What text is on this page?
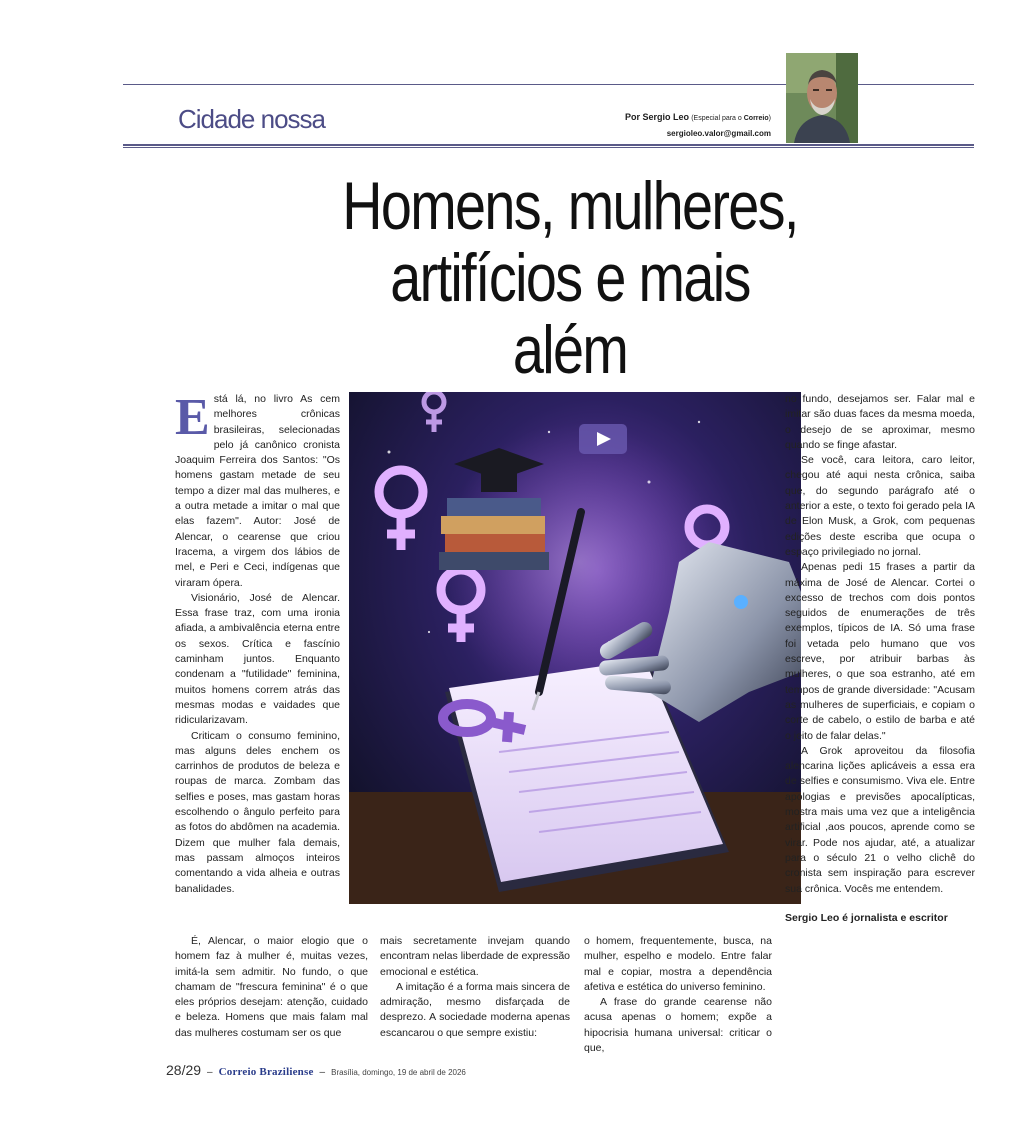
Cidade nossa	Por Sergio Leo (Especial para o Correio)
sergioleo.valor@gmail.com
Homens, mulheres,
artifícios e mais além

Está lá, no livro As cem melhores crônicas brasileiras, selecionadas pelo já canônico cronista Joaquim Ferreira dos Santos: "Os homens gastam metade de seu tempo a dizer mal das mulheres, e a outra metade a imitar o mal que elas fazem". Autor: José de Alencar, o cearense que criou Iracema, a virgem dos lábios de mel, e Peri e Ceci, indígenas que viraram ópera.

Visionário, José de Alencar. Essa frase traz, com uma ironia afiada, a ambivalência eterna entre os sexos. Crítica e fascínio caminham juntos. Enquanto condenam a "futilidade" feminina, muitos homens correm atrás das mesmas modas e vaidades que ridicularizavam.

Criticam o consumo feminino, mas alguns deles enchem os carrinhos de produtos de beleza e roupas de marca. Zombam das selfies e poses, mas gastam horas escolhendo o ângulo perfeito para as fotos do abdômen na academia. Dizem que mulher fala demais, mas passam almoços inteiros comentando a vida alheia e outras banalidades.

É, Alencar, o maior elogio que o homem faz à mulher é, muitas vezes, imitá-la sem admitir. No fundo, o que chamam de "frescura feminina" é o que eles próprios desejam: atenção, cuidado e beleza. Homens que mais falam mal das mulheres costumam ser os que

mais secretamente invejam quando encontram nelas liberdade de expressão emocional e estética.

A imitação é a forma mais sincera de admiração, mesmo disfarçada de desprezo. A sociedade moderna apenas escancarou o que sempre existiu:

o homem, frequentemente, busca, na mulher, espelho e modelo. Entre falar mal e copiar, mostra a dependência afetiva e estética do universo feminino.

A frase do grande cearense não acusa apenas o homem; expõe a hipocrisia humana universal: criticar o que,

no fundo, desejamos ser. Falar mal e imitar são duas faces da mesma moeda, o desejo de se aproximar, mesmo quando se finge afastar.

Se você, cara leitora, caro leitor, chegou até aqui nesta crônica, saiba que, do segundo parágrafo até o anterior a este, o texto foi gerado pela IA de Elon Musk, a Grok, com pequenas edições deste escriba que ocupa o espaço privilegiado no jornal.

Apenas pedi 15 frases a partir da máxima de José de Alencar. Cortei o excesso de trechos com dois pontos seguidos de enumerações de três exemplos, típicos de IA. Só uma frase foi vetada pelo humano que vos escreve, por atribuir barbas às mulheres, o que soa estranho, até em tempos de grande diversidade: "Acusam as mulheres de superficiais, e copiam o corte de cabelo, o estilo de barba e até o jeito de falar delas."

A Grok aproveitou da filosofia alencarina lições aplicáveis a essa era de selfies e consumismo. Viva ele. Entre apologias e previsões apocalípticas, mostra mais uma vez que a inteligência artificial ,aos poucos, aprende como se virar. Pode nos ajudar, até, a atualizar para o século 21 o velho clichê do cronista sem inspiração para escrever sua crônica. Vocês me entendem.

Sergio Leo é jornalista e escritor

28/29 – Correio Braziliense – Brasília, domingo, 19 de abril de 2026
